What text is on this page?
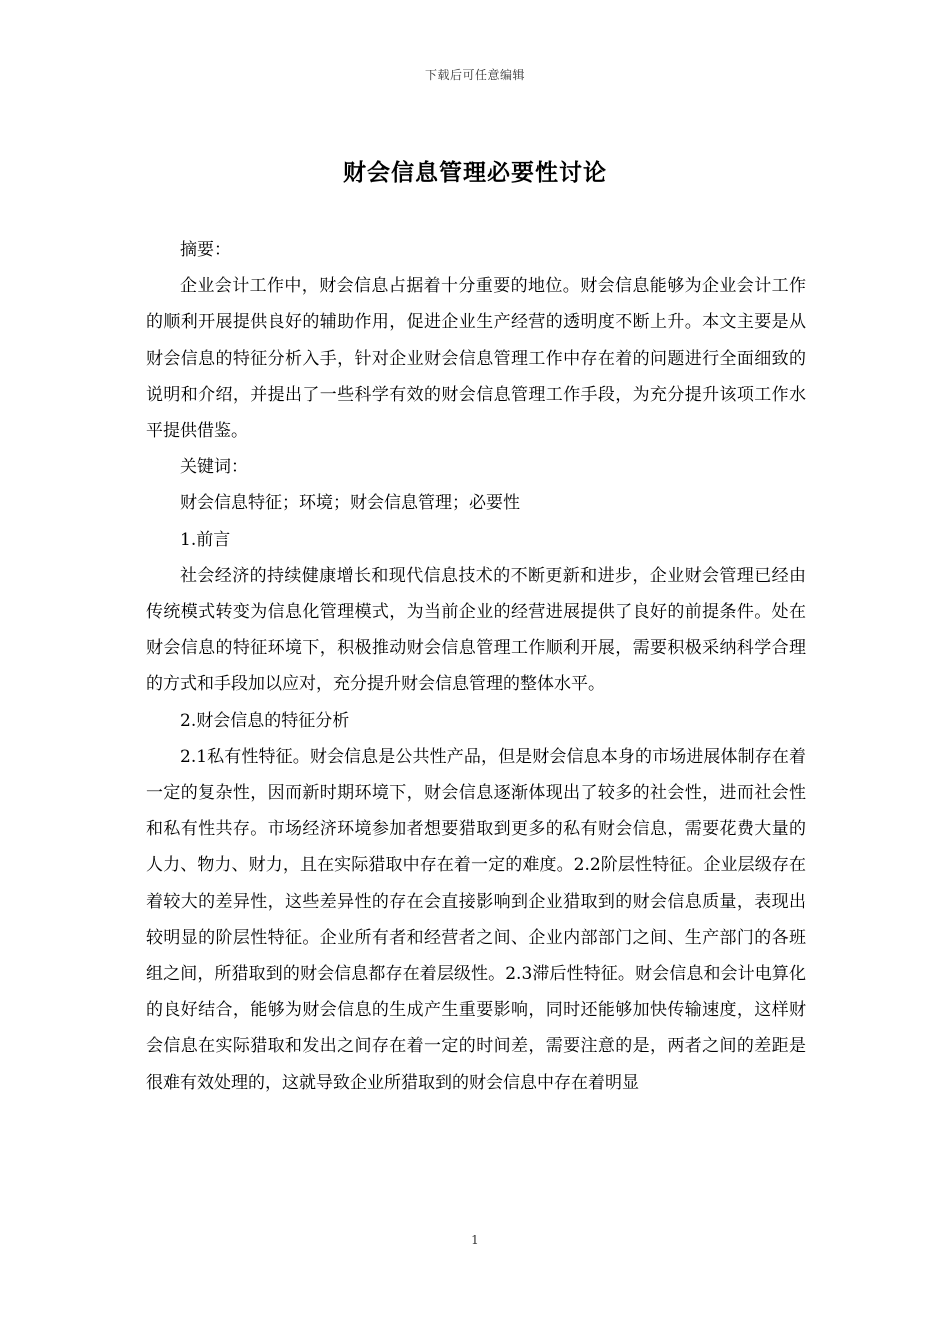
下载后可任意编辑
财会信息管理必要性讨论

摘要：

企业会计工作中，财会信息占据着十分重要的地位。财会信息能够为企业会计工作的顺利开展提供良好的辅助作用，促进企业生产经营的透明度不断上升。本文主要是从财会信息的特征分析入手，针对企业财会信息管理工作中存在着的问题进行全面细致的说明和介绍，并提出了一些科学有效的财会信息管理工作手段，为充分提升该项工作水平提供借鉴。

关键词：

财会信息特征；环境；财会信息管理；必要性

1.前言

社会经济的持续健康增长和现代信息技术的不断更新和进步，企业财会管理已经由传统模式转变为信息化管理模式，为当前企业的经营进展提供了良好的前提条件。处在财会信息的特征环境下，积极推动财会信息管理工作顺利开展，需要积极采纳科学合理的方式和手段加以应对，充分提升财会信息管理的整体水平。

2.财会信息的特征分析

2.1私有性特征。财会信息是公共性产品，但是财会信息本身的市场进展体制存在着一定的复杂性，因而新时期环境下，财会信息逐渐体现出了较多的社会性，进而社会性和私有性共存。市场经济环境参加者想要猎取到更多的私有财会信息，需要花费大量的人力、物力、财力，且在实际猎取中存在着一定的难度。2.2阶层性特征。企业层级存在着较大的差异性，这些差异性的存在会直接影响到企业猎取到的财会信息质量，表现出较明显的阶层性特征。企业所有者和经营者之间、企业内部部门之间、生产部门的各班组之间，所猎取到的财会信息都存在着层级性。2.3滞后性特征。财会信息和会计电算化的良好结合，能够为财会信息的生成产生重要影响，同时还能够加快传输速度，这样财会信息在实际猎取和发出之间存在着一定的时间差，需要注意的是，两者之间的差距是很难有效处理的，这就导致企业所猎取到的财会信息中存在着明显

1
